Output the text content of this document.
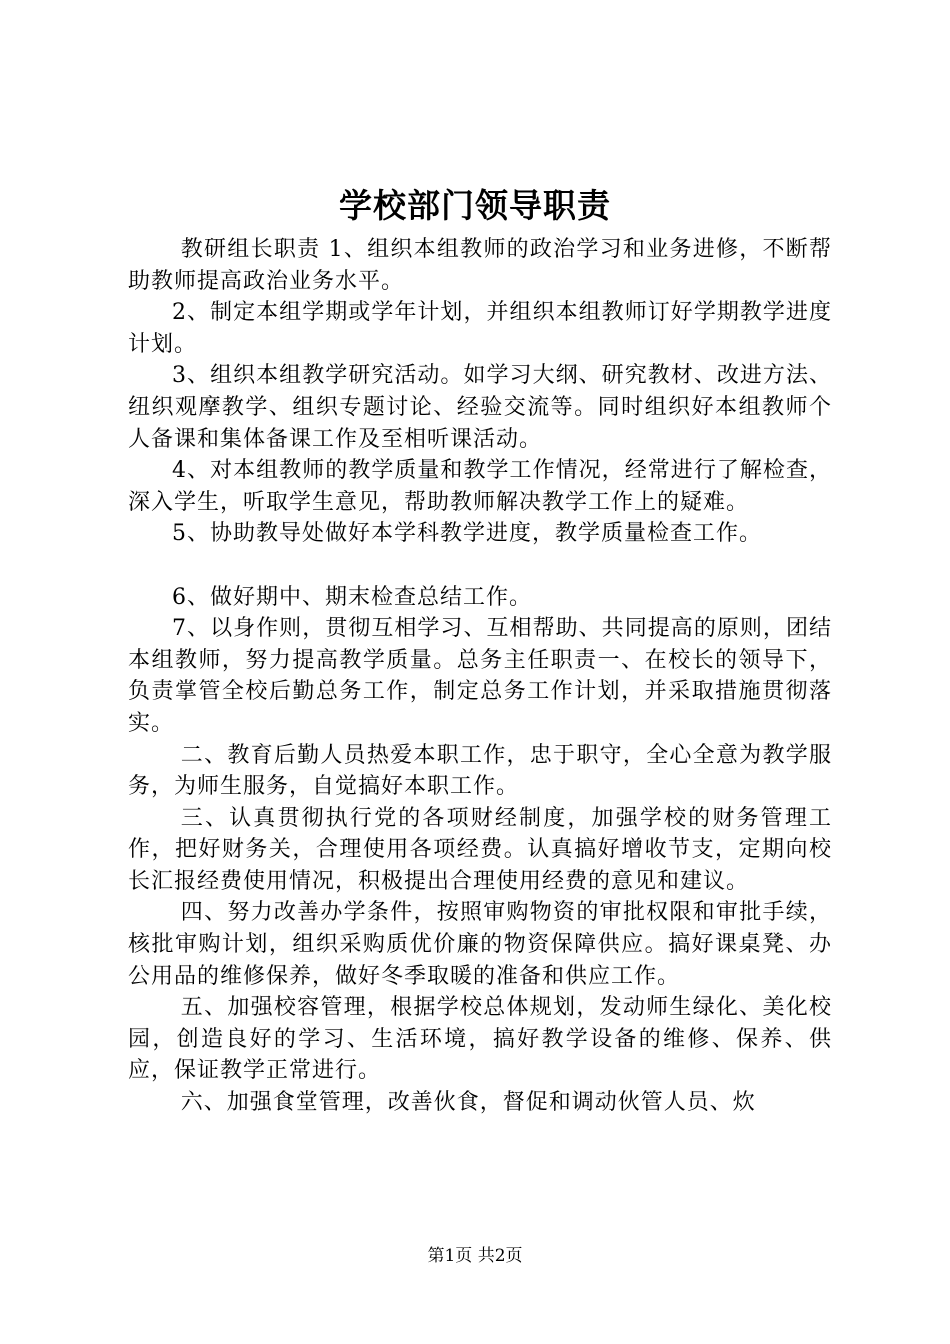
学校部门领导职责

教研组长职责 1、组织本组教师的政治学习和业务进修，不断帮助教师提高政治业务水平。

2、制定本组学期或学年计划，并组织本组教师订好学期教学进度计划。

3、组织本组教学研究活动。如学习大纲、研究教材、改进方法、纽织观摩教学、组织专题讨论、经验交流等。同时组织好本组教师个人备课和集体备课工作及至相听课活动。

4、对本组教师的教学质量和教学工作情况，经常进行了解检查，深入学生，听取学生意见，帮助教师解决教学工作上的疑难。

5、协助教导处做好本学科教学进度，教学质量检查工作。

6、做好期中、期末检查总结工作。

7、以身作则，贯彻互相学习、互相帮助、共同提高的原则，团结本组教师，努力提高教学质量。总务主任职责一、在校长的领导下，负责掌管全校后勤总务工作，制定总务工作计划，并采取措施贯彻落实。

二、教育后勤人员热爱本职工作，忠于职守，全心全意为教学服务，为师生服务，自觉搞好本职工作。

三、认真贯彻执行党的各项财经制度，加强学校的财务管理工作，把好财务关，合理使用各项经费。认真搞好增收节支，定期向校长汇报经费使用情况，积极提出合理使用经费的意见和建议。

四、努力改善办学条件，按照审购物资的审批权限和审批手续，核批审购计划，组织采购质优价廉的物资保障供应。搞好课桌凳、办公用品的维修保养，做好冬季取暖的准备和供应工作。

五、加强校容管理，根据学校总体规划，发动师生绿化、美化校园，创造良好的学习、生活环境，搞好教学设备的维修、保养、供应，保证教学正常进行。

六、加强食堂管理，改善伙食，督促和调动伙管人员、炊

第1页 共2页
